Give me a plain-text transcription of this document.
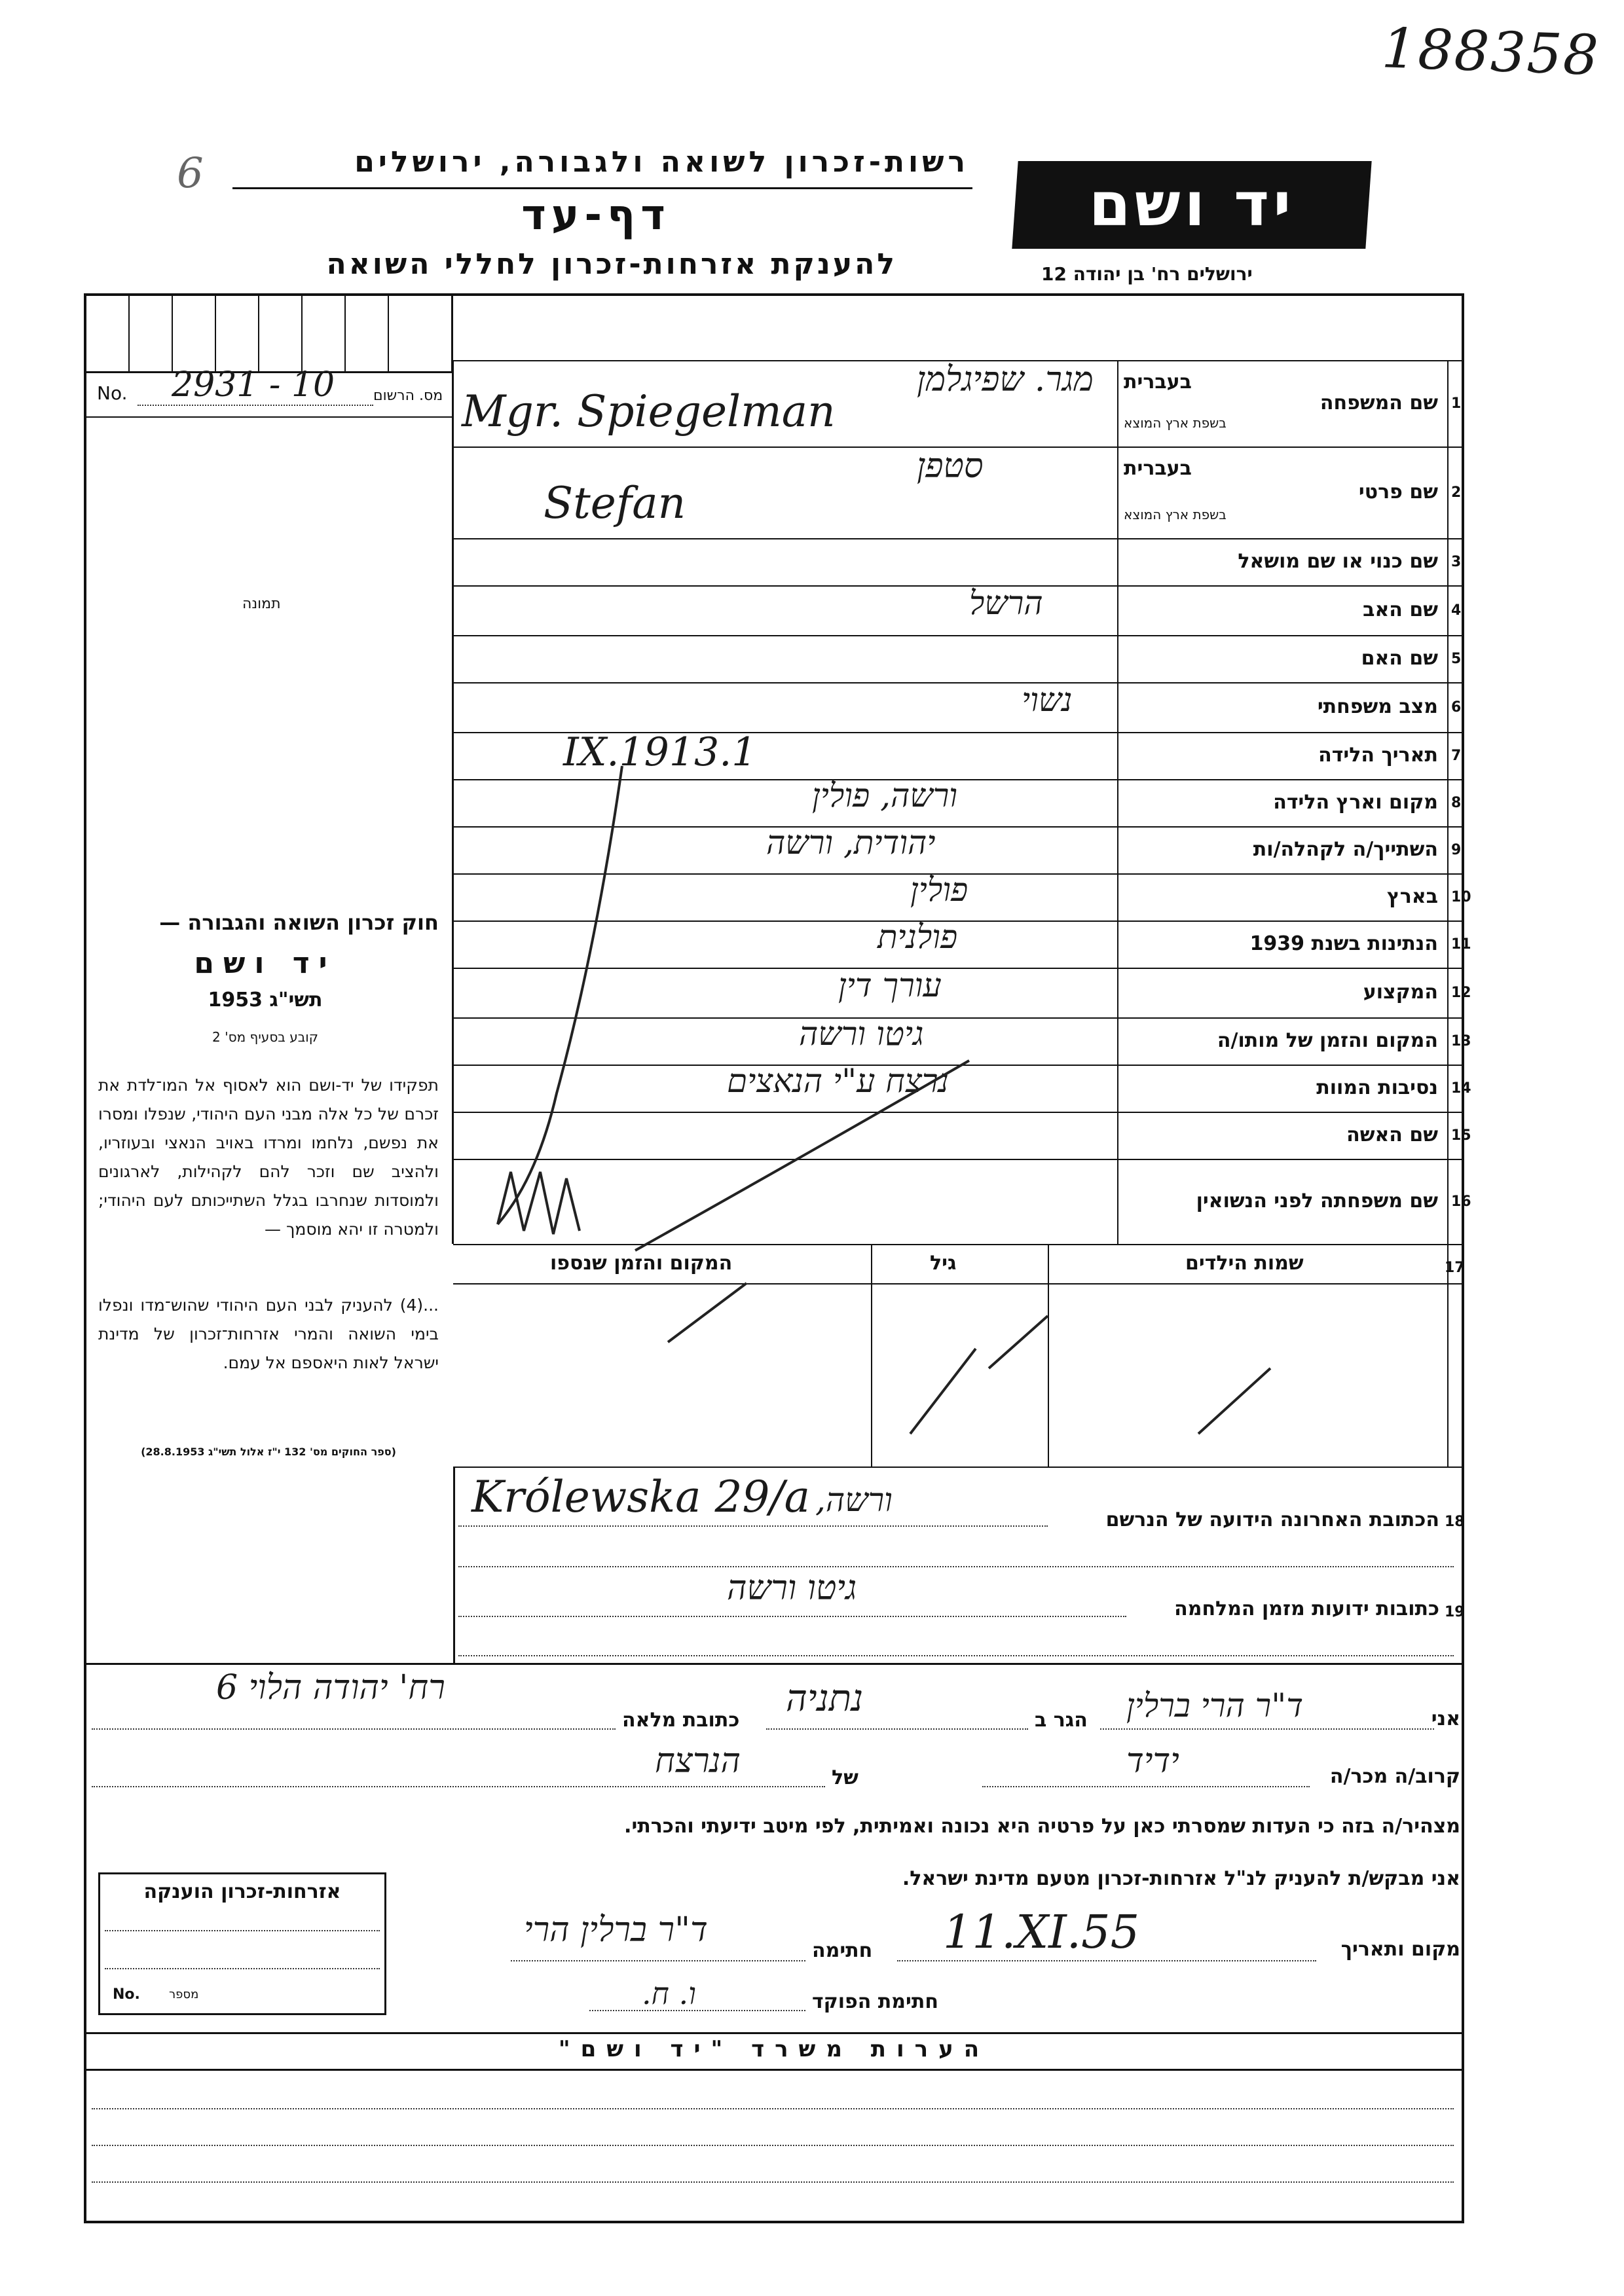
188358
6	רשות-זכרון לשואה ולגבורה, ירושלים
דף-עד
להענקת אזרחות-זכרון לחללי השואה
יד ושם
ירושלים רח' בן יהודה 12
No. 2931 - 10	מס. הרשום
תמונה
חוק זכרון השואה והגבורה —
יד ושם
תשי"ג 1953
קובע בסעיף מס' 2
תפקידו של יד-ושם הוא לאסוף אל המו־לדת את זכרם של כל אלה מבני העם היהודי, שנפלו ומסרו את נפשם, נלחמו ומרדו באויב הנאצי ובעוזריו, ולהציב שם וזכר להם לקהילות, לארגונים ולמוסדות שנחרבו בגלל השתייכותם לעם היהודי; ולמטרה זו יהא מוסמך —
...(4) להעניק לבני העם היהודי שהוש־מדו ונפלו בימי השואה והמרי אזרחות־זכרון של מדינת ישראל לאות היאספם אל עמם.
(ספר החוקים מס' 132 י"ז אלול תשי"ג 28.8.1953)
1
שם המשפחה
בעברית
בשפת ארץ המוצא
מגר. שפיגלמן
Mgr. Spiegelman
2
שם פרטי
בעברית
בשפת ארץ המוצא
סטפן
Stefan
3
שם כנוי או שם מושאל
4
שם האב
הרשל
5
שם האם
6
מצב משפחתי
נשוי
7
תאריך הלידה
1.IX.1913
8
מקום וארץ הלידה
ורשה, פולין
9
השתייך/ה לקהלה/ות
יהודית, ורשה
10
בארץ
פולין
11
הנתינות בשנת 1939
פולנית
12
המקצוע
עורך דין
13
המקום והזמן של מותו/ה
גיטו ורשה
14
נסיבות המוות
נרצח ע"י הנאצים
15
שם האשה
16
שם משפחתה לפני הנשואין
המקום והזמן שנספו	גיל	שמות הילדים	17
Królewska 29/a ורשה,
הכתובת האחרונה הידועה של הנרשם 18
גיטו ורשה
כתובות ידועות מזמן המלחמה 19
אני
ד"ר הרי ברלין
הגר ב
נתניה
כתובת מלאה
רח' יהודה הלוי 6
קרוב/ה מכר/ה
ידיד
של
הנרצח
מצהיר/ה בזה כי העדות שמסרתי כאן על פרטיה היא נכונה ואמיתית, לפי מיטב ידיעתי והכרתי.
אני מבקש/ת להעניק לנ"ל אזרחות-זכרון מטעם מדינת ישראל.
מקום ותאריך
11.XI.55
חתימה
ד"ר ברלין הרי
חתימת הפוקד
ו. ח.
אזרחות-זכרון הוענקה
No. מספר
הערות משרד "יד ושם"
